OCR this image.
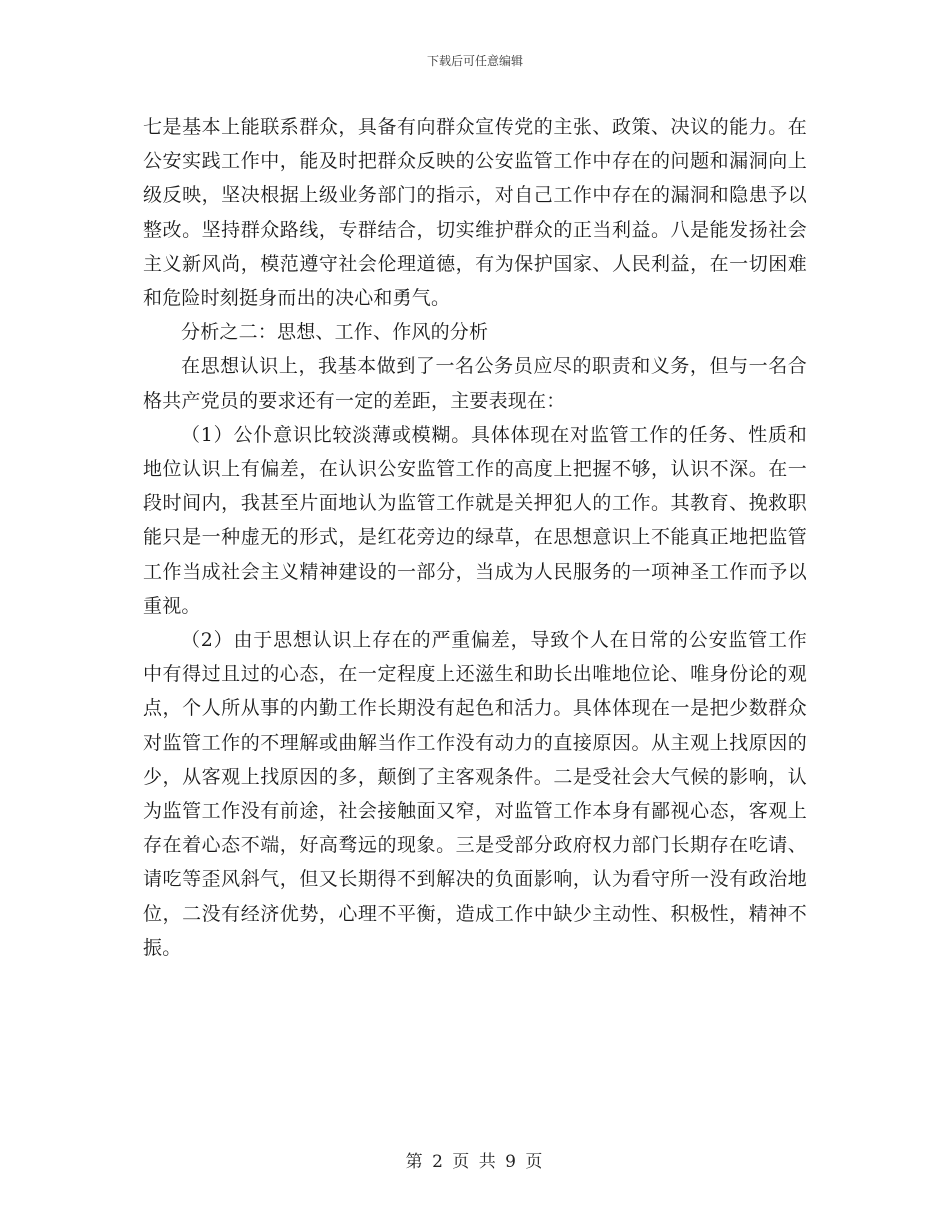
下载后可任意编辑

七是基本上能联系群众，具备有向群众宣传党的主张、政策、决议的能力。在公安实践工作中，能及时把群众反映的公安监管工作中存在的问题和漏洞向上级反映，坚决根据上级业务部门的指示，对自己工作中存在的漏洞和隐患予以整改。坚持群众路线，专群结合，切实维护群众的正当利益。八是能发扬社会主义新风尚，模范遵守社会伦理道德，有为保护国家、人民利益，在一切困难和危险时刻挺身而出的决心和勇气。

分析之二：思想、工作、作风的分析

在思想认识上，我基本做到了一名公务员应尽的职责和义务，但与一名合格共产党员的要求还有一定的差距，主要表现在：

（1）公仆意识比较淡薄或模糊。具体体现在对监管工作的任务、性质和地位认识上有偏差，在认识公安监管工作的高度上把握不够，认识不深。在一段时间内，我甚至片面地认为监管工作就是关押犯人的工作。其教育、挽救职能只是一种虚无的形式，是红花旁边的绿草，在思想意识上不能真正地把监管工作当成社会主义精神建设的一部分，当成为人民服务的一项神圣工作而予以重视。

（2）由于思想认识上存在的严重偏差，导致个人在日常的公安监管工作中有得过且过的心态，在一定程度上还滋生和助长出唯地位论、唯身份论的观点，个人所从事的内勤工作长期没有起色和活力。具体体现在一是把少数群众对监管工作的不理解或曲解当作工作没有动力的直接原因。从主观上找原因的少，从客观上找原因的多，颠倒了主客观条件。二是受社会大气候的影响，认为监管工作没有前途，社会接触面又窄，对监管工作本身有鄙视心态，客观上存在着心态不端，好高骛远的现象。三是受部分政府权力部门长期存在吃请、请吃等歪风斜气，但又长期得不到解决的负面影响，认为看守所一没有政治地位，二没有经济优势，心理不平衡，造成工作中缺少主动性、积极性，精神不振。

第 2 页 共 9 页
